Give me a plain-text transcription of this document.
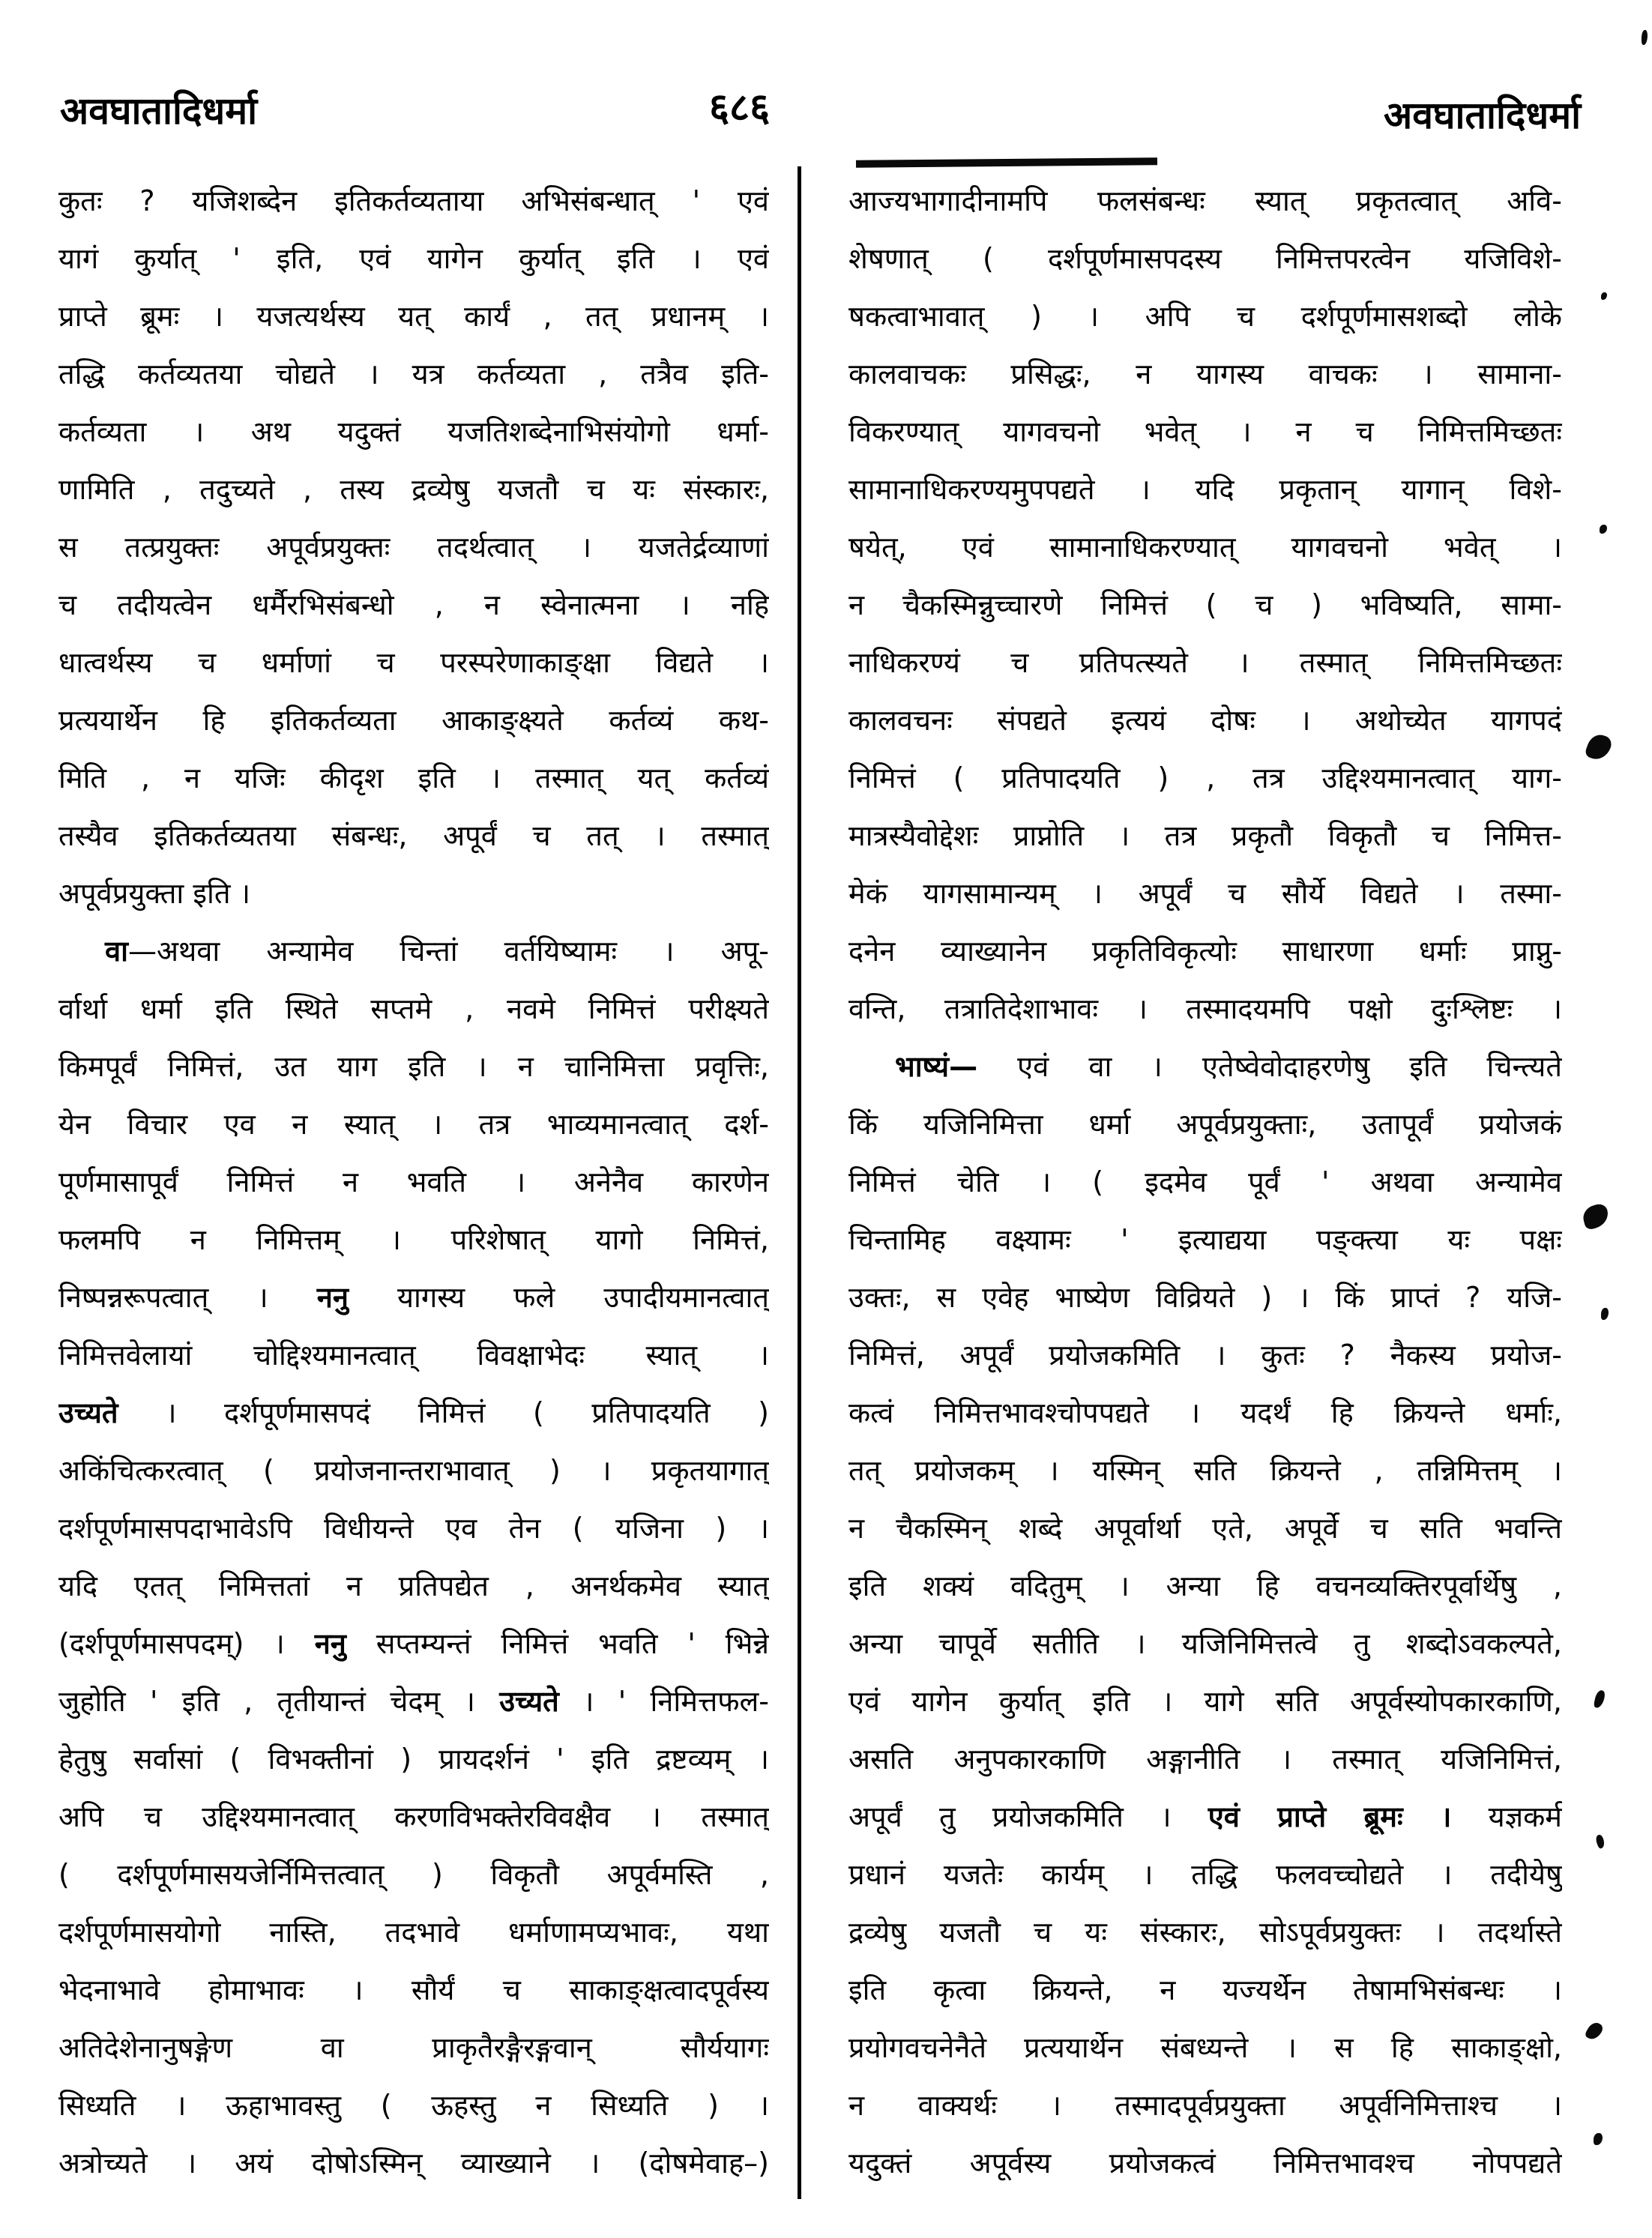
अवघातादिधर्मा	६८६	अवघातादिधर्मा
कुतः ? यजिशब्देन इतिकर्तव्यताया अभिसंबन्धात् ' एवं
यागं कुर्यात् ' इति, एवं यागेन कुर्यात् इति । एवं
प्राप्ते ब्रूमः । यजत्यर्थस्य यत् कार्यं , तत् प्रधानम् ।
तद्धि कर्तव्यतया चोद्यते । यत्र कर्तव्यता , तत्रैव इति-
कर्तव्यता । अथ यदुक्तं यजतिशब्देनाभिसंयोगो धर्मा-
णामिति , तदुच्यते , तस्य द्रव्येषु यजतौ च यः संस्कारः,
स तत्प्रयुक्तः अपूर्वप्रयुक्तः तदर्थत्वात् । यजतेर्द्रव्याणां
च तदीयत्वेन धर्मैरभिसंबन्धो , न स्वेनात्मना । नहि
धात्वर्थस्य च धर्माणां च परस्परेणाकाङ्क्षा विद्यते ।
प्रत्ययार्थेन हि इतिकर्तव्यता आकाङ्क्ष्यते कर्तव्यं कथ-
मिति , न यजिः कीदृश इति । तस्मात् यत् कर्तव्यं
तस्यैव इतिकर्तव्यतया संबन्धः, अपूर्वं च तत् । तस्मात्
अपूर्वप्रयुक्ता इति ।
वा—अथवा अन्यामेव चिन्तां वर्तयिष्यामः । अपू-
र्वार्था धर्मा इति स्थिते सप्तमे , नवमे निमित्तं परीक्ष्यते
किमपूर्वं निमित्तं, उत याग इति । न चानिमित्ता प्रवृत्तिः,
येन विचार एव न स्यात् । तत्र भाव्यमानत्वात् दर्श-
पूर्णमासापूर्वं निमित्तं न भवति । अनेनैव कारणेन
फलमपि न निमित्तम् । परिशेषात् यागो निमित्तं,
निष्पन्नरूपत्वात् । ननु यागस्य फले उपादीयमानत्वात्
निमित्तवेलायां चोद्दिश्यमानत्वात् विवक्षाभेदः स्यात् ।
उच्यते । दर्शपूर्णमासपदं निमित्तं ( प्रतिपादयति )
अकिंचित्करत्वात् ( प्रयोजनान्तराभावात् ) । प्रकृतयागात्
दर्शपूर्णमासपदाभावेऽपि विधीयन्ते एव तेन ( यजिना ) ।
यदि एतत् निमित्ततां न प्रतिपद्येत , अनर्थकमेव स्यात्
(दर्शपूर्णमासपदम्) । ननु सप्तम्यन्तं निमित्तं भवति ' भिन्ने
जुहोति ' इति , तृतीयान्तं चेदम् । उच्यते । ' निमित्तफल-
हेतुषु सर्वासां ( विभक्तीनां ) प्रायदर्शनं ' इति द्रष्टव्यम् ।
अपि च उद्दिश्यमानत्वात् करणविभक्तेरविवक्षैव । तस्मात्
( दर्शपूर्णमासयजेर्निमित्तत्वात् ) विकृतौ अपूर्वमस्ति ,
दर्शपूर्णमासयोगो नास्ति, तदभावे धर्माणामप्यभावः, यथा
भेदनाभावे होमाभावः । सौर्यं च साकाङ्क्षत्वादपूर्वस्य
अतिदेशेनानुषङ्गेण वा प्राकृतैरङ्गैरङ्गवान् सौर्ययागः
सिध्यति । ऊहाभावस्तु ( ऊहस्तु न सिध्यति ) ।
अत्रोच्यते । अयं दोषोऽस्मिन् व्याख्याने । (दोषमेवाह–)
आज्यभागादीनामपि फलसंबन्धः स्यात् प्रकृतत्वात् अवि-
शेषणात् ( दर्शपूर्णमासपदस्य निमित्तपरत्वेन यजिविशे-
षकत्वाभावात् ) । अपि च दर्शपूर्णमासशब्दो लोके
कालवाचकः प्रसिद्धः, न यागस्य वाचकः । सामाना-
विकरण्यात् यागवचनो भवेत् । न च निमित्तमिच्छतः
सामानाधिकरण्यमुपपद्यते । यदि प्रकृतान् यागान् विशे-
षयेत्, एवं सामानाधिकरण्यात् यागवचनो भवेत् ।
न चैकस्मिन्नुच्चारणे निमित्तं ( च ) भविष्यति, सामा-
नाधिकरण्यं च प्रतिपत्स्यते । तस्मात् निमित्तमिच्छतः
कालवचनः संपद्यते इत्ययं दोषः । अथोच्येत यागपदं
निमित्तं ( प्रतिपादयति ) , तत्र उद्दिश्यमानत्वात् याग-
मात्रस्यैवोद्देशः प्राप्नोति । तत्र प्रकृतौ विकृतौ च निमित्त-
मेकं यागसामान्यम् । अपूर्वं च सौर्ये विद्यते । तस्मा-
दनेन व्याख्यानेन प्रकृतिविकृत्योः साधारणा धर्माः प्राप्नु-
वन्ति, तत्रातिदेशाभावः । तस्मादयमपि पक्षो दुःश्लिष्टः ।
भाष्यं— एवं वा । एतेष्वेवोदाहरणेषु इति चिन्त्यते
किं यजिनिमित्ता धर्मा अपूर्वप्रयुक्ताः, उतापूर्वं प्रयोजकं
निमित्तं चेति । ( इदमेव पूर्वं ' अथवा अन्यामेव
चिन्तामिह वक्ष्यामः ' इत्याद्यया पङ्क्त्या यः पक्षः
उक्तः, स एवेह भाष्येण विव्रियते ) । किं प्राप्तं ? यजि-
निमित्तं, अपूर्वं प्रयोजकमिति । कुतः ? नैकस्य प्रयोज-
कत्वं निमित्तभावश्चोपपद्यते । यदर्थं हि क्रियन्ते धर्माः,
तत् प्रयोजकम् । यस्मिन् सति क्रियन्ते , तन्निमित्तम् ।
न चैकस्मिन् शब्दे अपूर्वार्था एते, अपूर्वे च सति भवन्ति
इति शक्यं वदितुम् । अन्या हि वचनव्यक्तिरपूर्वार्थेषु ,
अन्या चापूर्वे सतीति । यजिनिमित्तत्वे तु शब्दोऽवकल्पते,
एवं यागेन कुर्यात् इति । यागे सति अपूर्वस्योपकारकाणि,
असति अनुपकारकाणि अङ्गानीति । तस्मात् यजिनिमित्तं,
अपूर्वं तु प्रयोजकमिति । एवं प्राप्ते ब्रूमः । यज्ञकर्म
प्रधानं यजतेः कार्यम् । तद्धि फलवच्चोद्यते । तदीयेषु
द्रव्येषु यजतौ च यः संस्कारः, सोऽपूर्वप्रयुक्तः । तदर्थास्ते
इति कृत्वा क्रियन्ते, न यज्यर्थेन तेषामभिसंबन्धः ।
प्रयोगवचनेनैते प्रत्ययार्थेन संबध्यन्ते । स हि साकाङ्क्षो,
न वाक्यर्थः । तस्मादपूर्वप्रयुक्ता अपूर्वनिमित्ताश्च ।
यदुक्तं अपूर्वस्य प्रयोजकत्वं निमित्तभावश्च नोपपद्यते
